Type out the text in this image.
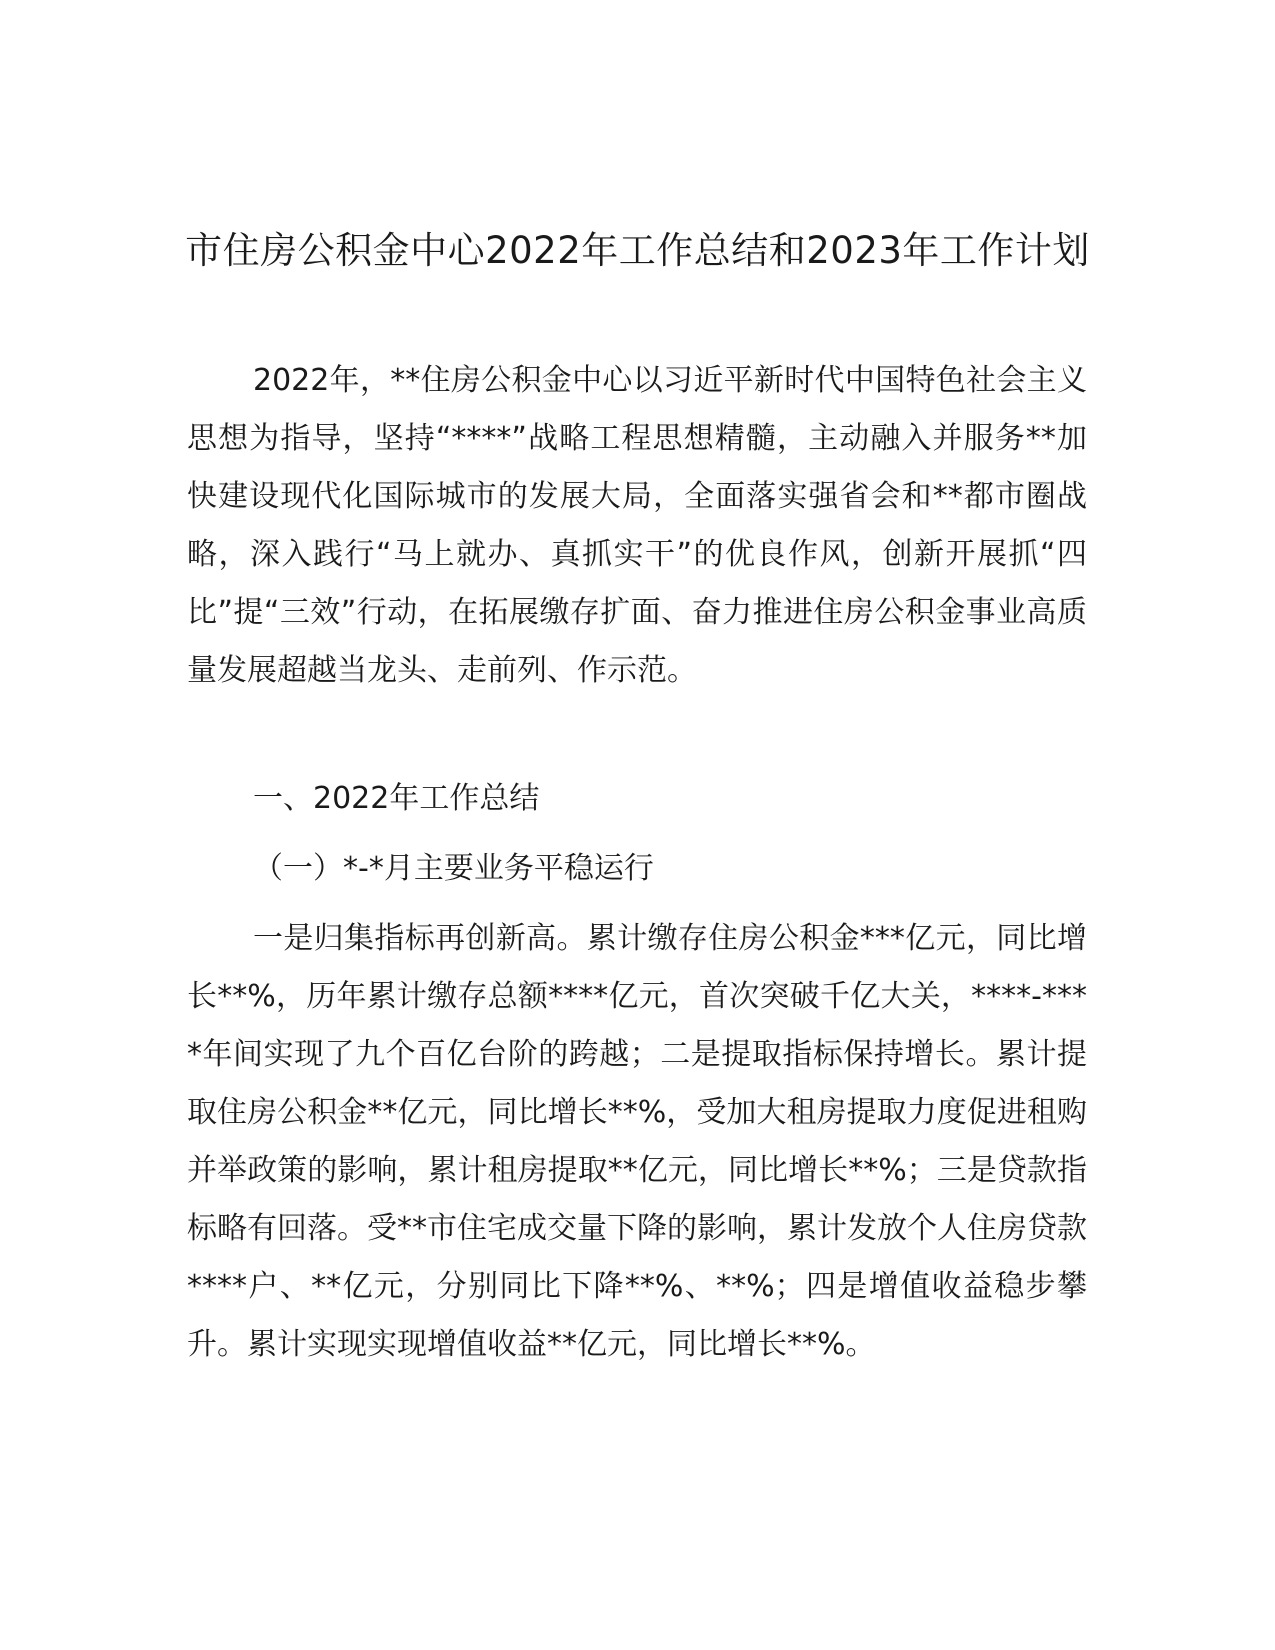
市住房公积金中心2022年工作总结和2023年工作计划

2022年，**住房公积金中心以习近平新时代中国特色社会主义思想为指导，坚持“****”战略工程思想精髓，主动融入并服务**加快建设现代化国际城市的发展大局，全面落实强省会和**都市圈战略，深入践行“马上就办、真抓实干”的优良作风，创新开展抓“四比”提“三效”行动，在拓展缴存扩面、奋力推进住房公积金事业高质量发展超越当龙头、走前列、作示范。

一、2022年工作总结

（一）*-*月主要业务平稳运行

一是归集指标再创新高。累计缴存住房公积金***亿元，同比增长**%，历年累计缴存总额****亿元，首次突破千亿大关，****-****年间实现了九个百亿台阶的跨越；二是提取指标保持增长。累计提取住房公积金**亿元，同比增长**%，受加大租房提取力度促进租购并举政策的影响，累计租房提取**亿元，同比增长**%；三是贷款指标略有回落。受**市住宅成交量下降的影响，累计发放个人住房贷款****户、**亿元，分别同比下降**%、**%；四是增值收益稳步攀升。累计实现实现增值收益**亿元，同比增长**%。
